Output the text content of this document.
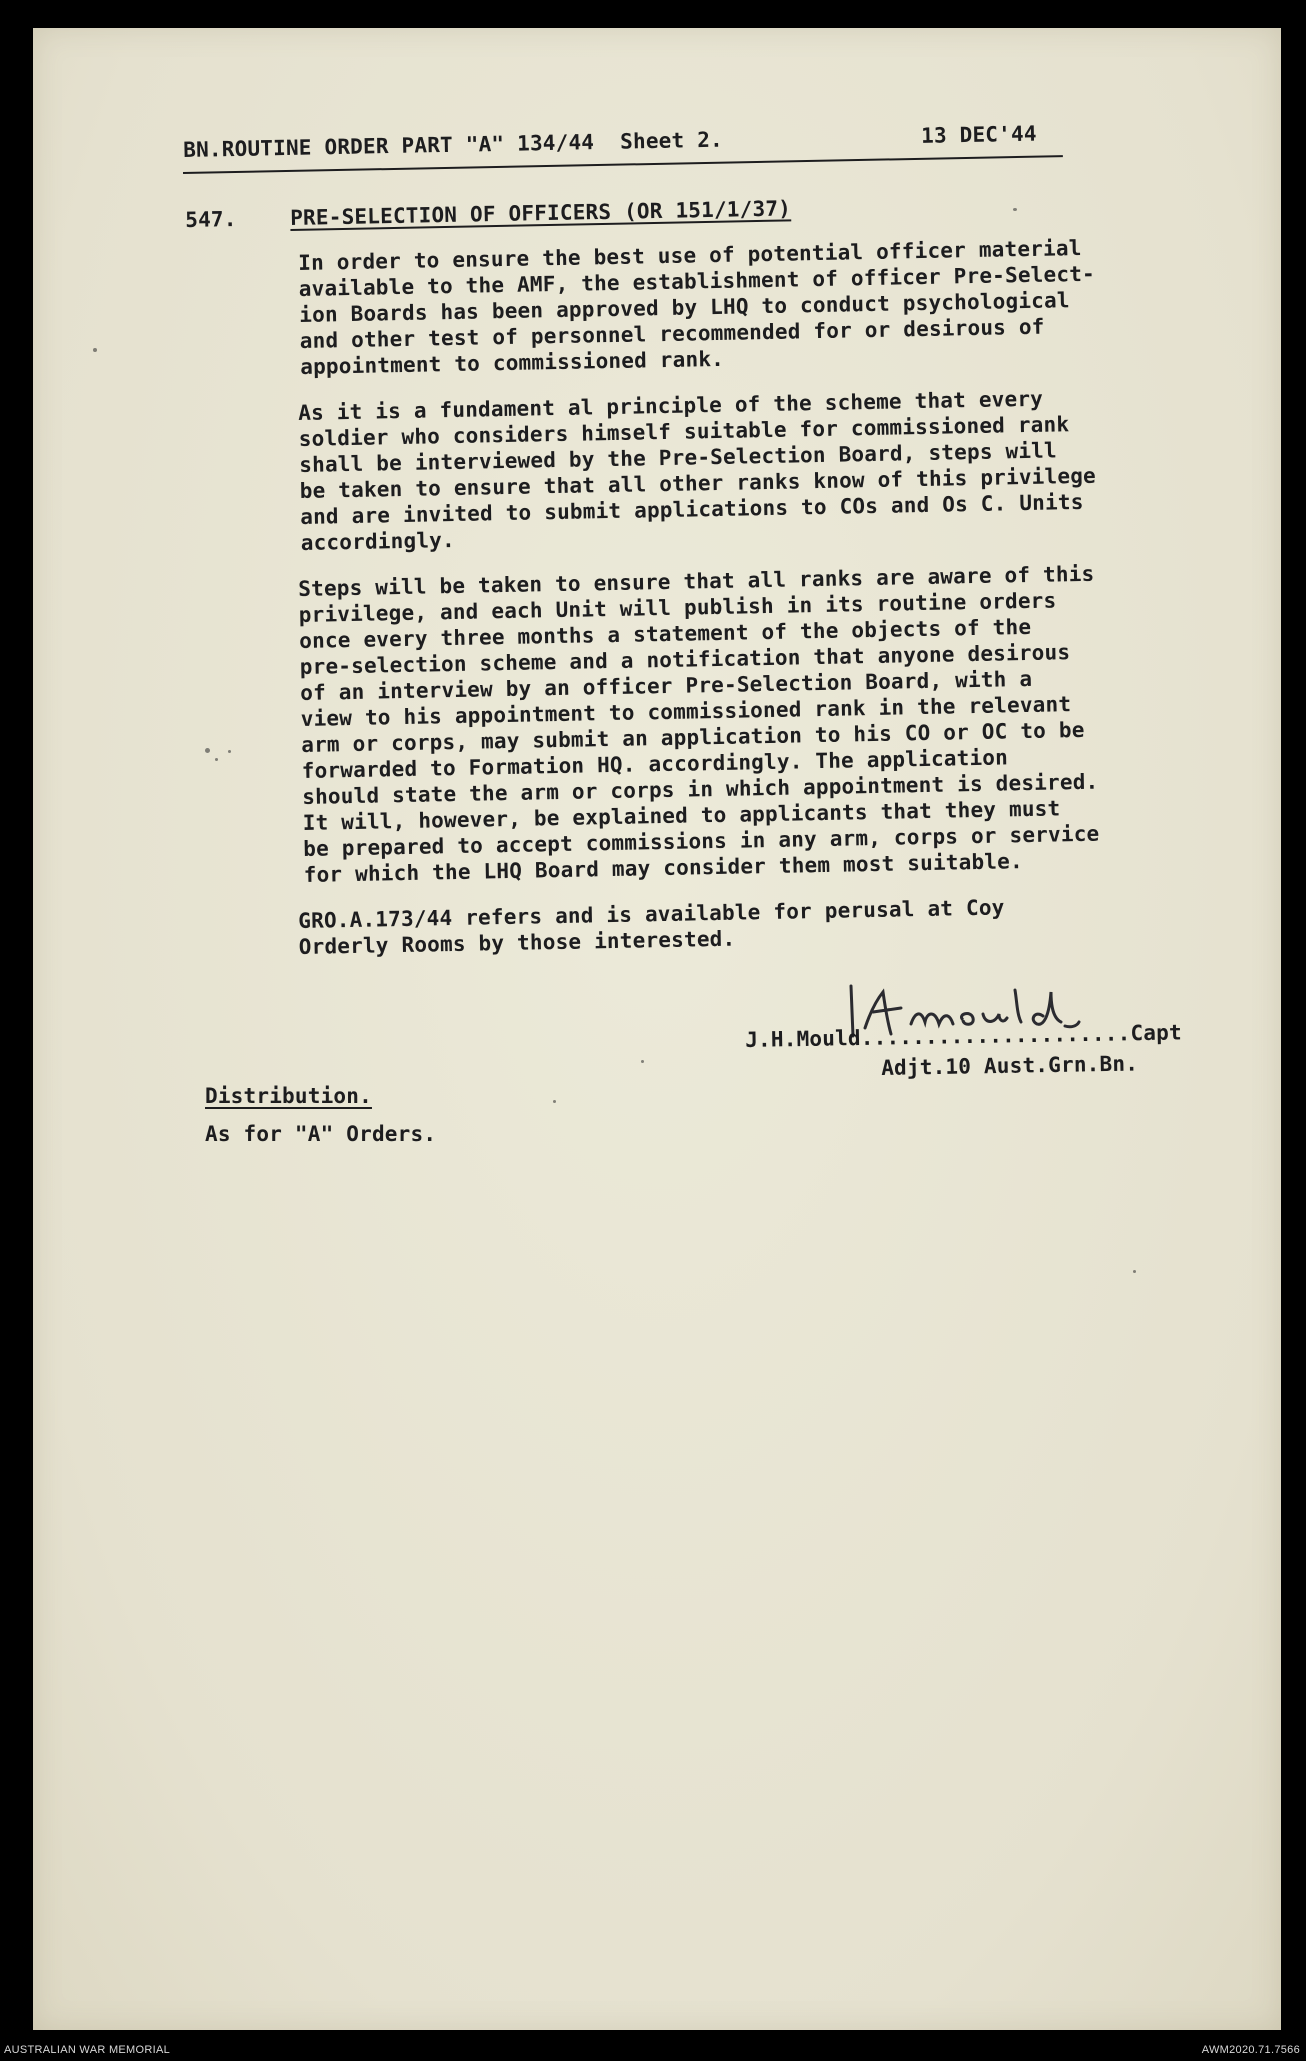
BN.ROUTINE ORDER PART "A" 134/44 Sheet 2.	13 DEC'44
547.	PRE-SELECTION OF OFFICERS (OR 151/1/37)
In order to ensure the best use of potential officer material
available to the AMF, the establishment of officer Pre-Select-
ion Boards has been approved by LHQ to conduct psychological
and other test of personnel recommended for or desirous of
appointment to commissioned rank.
As it is a fundament al principle of the scheme that every
soldier who considers himself suitable for commissioned rank
shall be interviewed by the Pre-Selection Board, steps will
be taken to ensure that all other ranks know of this privilege
and are invited to submit applications to COs and Os C. Units
accordingly.
Steps will be taken to ensure that all ranks are aware of this
privilege, and each Unit will publish in its routine orders
once every three months a statement of the objects of the
pre-selection scheme and a notification that anyone desirous
of an interview by an officer Pre-Selection Board, with a
view to his appointment to commissioned rank in the relevant
arm or corps, may submit an application to his CO or OC to be
forwarded to Formation HQ. accordingly. The application
should state the arm or corps in which appointment is desired.
It will, however, be explained to applicants that they must
be prepared to accept commissions in any arm, corps or service
for which the LHQ Board may consider them most suitable.
GRO.A.173/44 refers and is available for perusal at Coy
Orderly Rooms by those interested.
J.H.Mould.....................Capt
Adjt.10 Aust.Grn.Bn.
Distribution.
As for "A" Orders.
AUSTRALIAN WAR MEMORIAL	AWM2020.71.7566
